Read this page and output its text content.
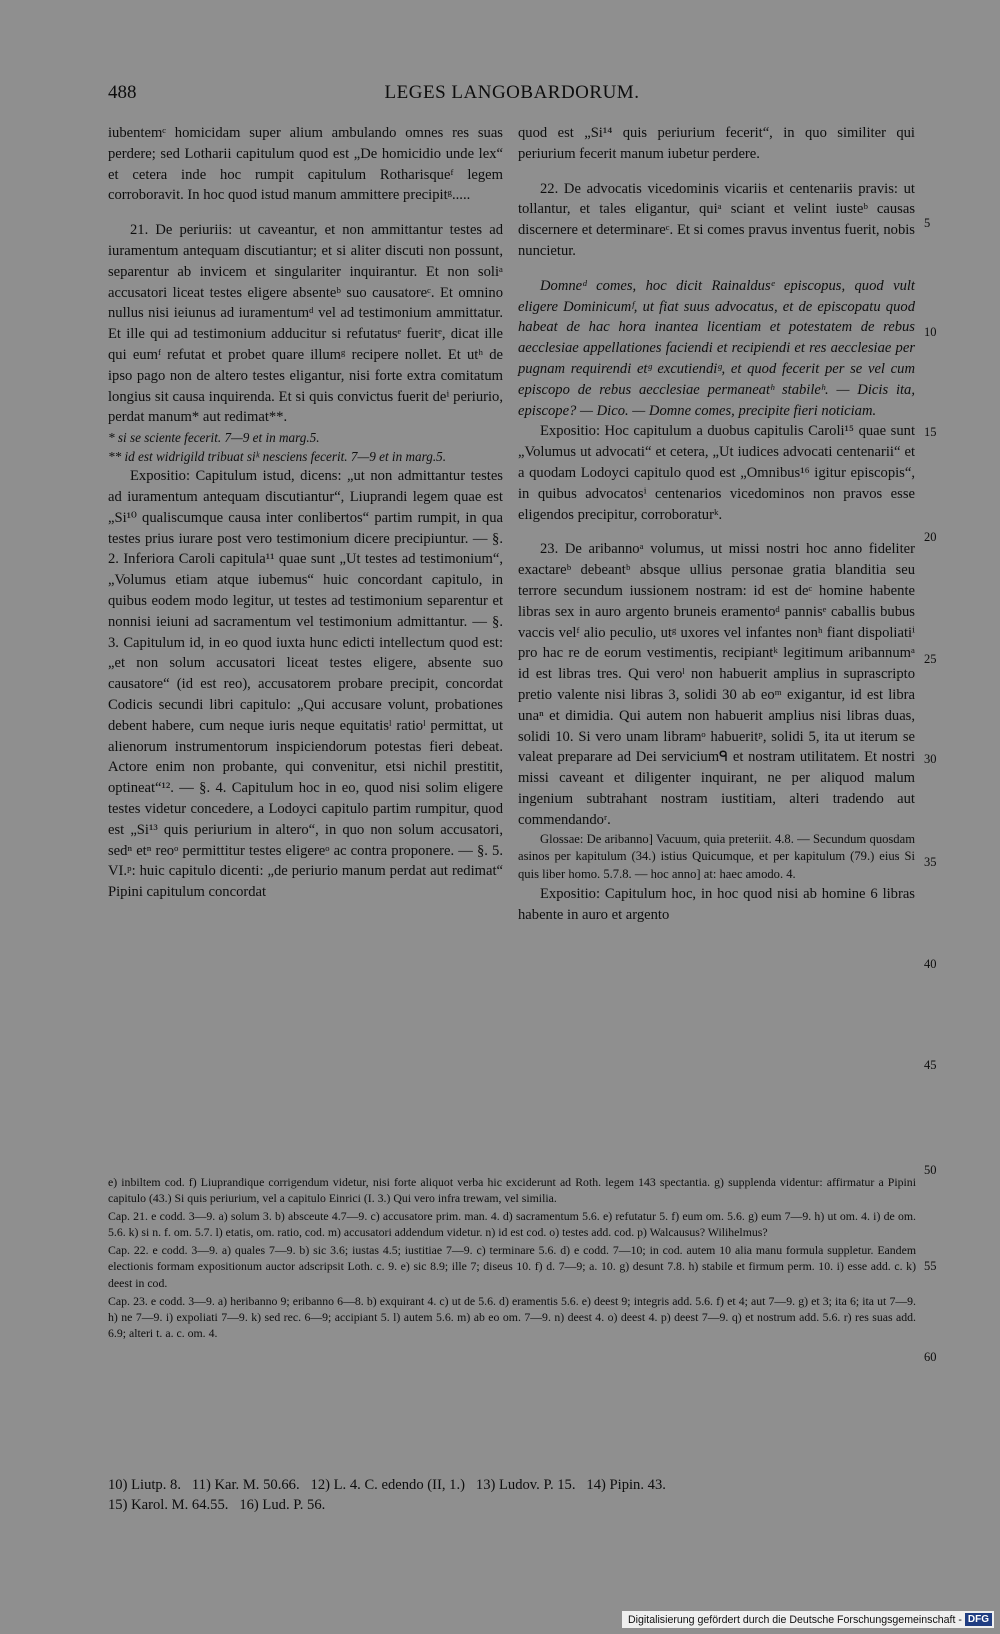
488	LEGES LANGOBARDORUM.
iubentemᶜ homicidam super alium ambulando omnes res suas perdere; sed Lotharii capitulum quod est „De homicidio unde lex“ et cetera inde hoc rumpit capitulum Rotharisqueᶠ legem corroboravit. In hoc quod istud manum ammittere precipitᵍ.....
21. De periuriis: ut caveantur, et non ammittantur testes ad iuramentum antequam discutiantur; et si aliter discuti non possunt, separentur ab invicem et singulariter inquirantur. Et non soliᵃ accusatori liceat testes eligere absenteᵇ suo causatoreᶜ. Et omnino nullus nisi ieiunus ad iuramentumᵈ vel ad testimonium ammittatur. Et ille qui ad testimonium adducitur si refutatusᵉ fueritᵉ, dicat ille qui eumᶠ refutat et probet quare illumᵍ recipere nollet. Et utʰ de ipso pago non de altero testes eligantur, nisi forte extra comitatum longius sit causa inquirenda. Et si quis convictus fuerit deⁱ periurio, perdat manum* aut redimat**.
* si se sciente fecerit. 7—9 et in marg.5.
** id est widrigild tribuat siᵏ nesciens fecerit. 7—9 et in marg.5.
Expositio: Capitulum istud, dicens: „ut non admittantur testes ad iuramentum antequam discutiantur“, Liuprandi legem quae est „Si¹⁰ qualiscumque causa inter conlibertos“ partim rumpit, in qua testes prius iurare post vero testimonium dicere precipiuntur. — §. 2. Inferiora Caroli capitula¹¹ quae sunt „Ut testes ad testimonium“, „Volumus etiam atque iubemus“ huic concordant capitulo, in quibus eodem modo legitur, ut testes ad testimonium separentur et nonnisi ieiuni ad sacramentum vel testimonium admittantur. — §. 3. Capitulum id, in eo quod iuxta hunc edicti intellectum quod est: „et non solum accusatori liceat testes eligere, absente suo causatore“ (id est reo), accusatorem probare precipit, concordat Codicis secundi libri capitulo: „Qui accusare volunt, probationes debent habere, cum neque iuris neque equitatisˡ ratioˡ permittat, ut alienorum instrumentorum inspiciendorum potestas fieri debeat. Actore enim non probante, qui convenitur, etsi nichil prestitit, optineat“¹². — §. 4. Capitulum hoc in eo, quod nisi solim eligere testes videtur concedere, a Lodoyci capitulo partim rumpitur, quod est „Si¹³ quis periurium in altero“, in quo non solum accusatori, sedⁿ etⁿ reoᵒ permittitur testes eligereᵒ ac contra proponere. — §. 5. VI.ᵖ: huic capitulo dicenti: „de periurio manum perdat aut redimat“ Pipini capitulum concordat
quod est „Si¹⁴ quis periurium fecerit“, in quo similiter qui periurium fecerit manum iubetur perdere.
22. De advocatis vicedominis vicariis et centenariis pravis: ut tollantur, et tales eligantur, quiᵃ sciant et velint iusteᵇ causas discernere et determinareᶜ. Et si comes pravus inventus fuerit, nobis nuncietur.
Domneᵈ comes, hoc dicit Rainaldusᵉ episcopus, quod vult eligere Dominicumᶠ, ut fiat suus advocatus, et de episcopatu quod habeat de hac hora inantea licentiam et potestatem de rebus aecclesiae appellationes faciendi et recipiendi et res aecclesiae per pugnam requirendi etᵍ excutiendiᵍ, et quod fecerit per se vel cum episcopo de rebus aecclesiae permaneatʰ stabileʰ. — Dicis ita, episcope? — Dico. — Domne comes, precipite fieri noticiam.
Expositio: Hoc capitulum a duobus capitulis Caroli¹⁵ quae sunt „Volumus ut advocati“ et cetera, „Ut iudices advocati centenarii“ et a quodam Lodoyci capitulo quod est „Omnibus¹⁶ igitur episcopis“, in quibus advocatosⁱ centenarios vicedominos non pravos esse eligendos precipitur, corroboraturᵏ.
23. De aribannoᵃ volumus, ut missi nostri hoc anno fideliter exactareᵇ debeantᵇ absque ullius personae gratia blanditia seu terrore secundum iussionem nostram: id est deᶜ homine habente libras sex in auro argento bruneis eramentoᵈ pannisᵉ caballis bubus vaccis velᶠ alio peculio, utᵍ uxores vel infantes nonʰ fiant dispoliatiⁱ pro hac re de eorum vestimentis, recipiantᵏ legitimum aribannumᵃ id est libras tres. Qui veroˡ non habuerit amplius in suprascripto pretio valente nisi libras 3, solidi 30 ab eoᵐ exigantur, id est libra unaⁿ et dimidia. Qui autem non habuerit amplius nisi libras duas, solidi 10. Si vero unam libramᵒ habueritᵖ, solidi 5, ita ut iterum se valeat preparare ad Dei serviciumᑫ et nostram utilitatem. Et nostri missi caveant et diligenter inquirant, ne per aliquod malum ingenium subtrahant nostram iustitiam, alteri tradendo aut commendandoʳ.
Glossae: De aribanno] Vacuum, quia preteriit. 4.8. — Secundum quosdam asinos per kapitulum (34.) istius Quicumque, et per kapitulum (79.) eius Si quis liber homo. 5.7.8. — hoc anno] at: haec amodo. 4.
Expositio: Capitulum hoc, in hoc quod nisi ab homine 6 libras habente in auro et argento
5
10
15
20
25
30
35
40
45
50
55
60

e) inbiltem cod. f) Liuprandique corrigendum videtur, nisi forte aliquot verba hic exciderunt ad Roth. legem 143 spectantia. g) supplenda videntur: affirmatur a Pipini capitulo (43.) Si quis periurium, vel a capitulo Einrici (I. 3.) Qui vero infra trewam, vel similia.

Cap. 21. e codd. 3—9. a) solum 3. b) absceute 4.7—9. c) accusatore prim. man. 4. d) sacramentum 5.6. e) refutatur 5. f) eum om. 5.6. g) eum 7—9. h) ut om. 4. i) de om. 5.6. k) si n. f. om. 5.7. l) etatis, om. ratio, cod. m) accusatori addendum videtur. n) id est cod. o) testes add. cod. p) Walcausus? Wilihelmus?

Cap. 22. e codd. 3—9. a) quales 7—9. b) sic 3.6; iustas 4.5; iustitiae 7—9. c) terminare 5.6. d) e codd. 7—10; in cod. autem 10 alia manu formula suppletur. Eandem electionis formam expositionum auctor adscripsit Loth. c. 9. e) sic 8.9; ille 7; diseus 10. f) d. 7—9; a. 10. g) desunt 7.8. h) stabile et firmum perm. 10. i) esse add. c. k) deest in cod.

Cap. 23. e codd. 3—9. a) heribanno 9; eribanno 6—8. b) exquirant 4. c) ut de 5.6. d) eramentis 5.6. e) deest 9; integris add. 5.6. f) et 4; aut 7—9. g) et 3; ita 6; ita ut 7—9. h) ne 7—9. i) expoliati 7—9. k) sed rec. 6—9; accipiant 5. l) autem 5.6. m) ab eo om. 7—9. n) deest 4. o) deest 4. p) deest 7—9. q) et nostrum add. 5.6. r) res suas add. 6.9; alteri t. a. c. om. 4.

10) Liutp. 8.   11) Kar. M. 50.66.   12) L. 4. C. edendo (II, 1.)   13) Ludov. P. 15.   14) Pipin. 43.
15) Karol. M. 64.55.   16) Lud. P. 56.
Digitalisierung gefördert durch die Deutsche Forschungsgemeinschaft - DFG
